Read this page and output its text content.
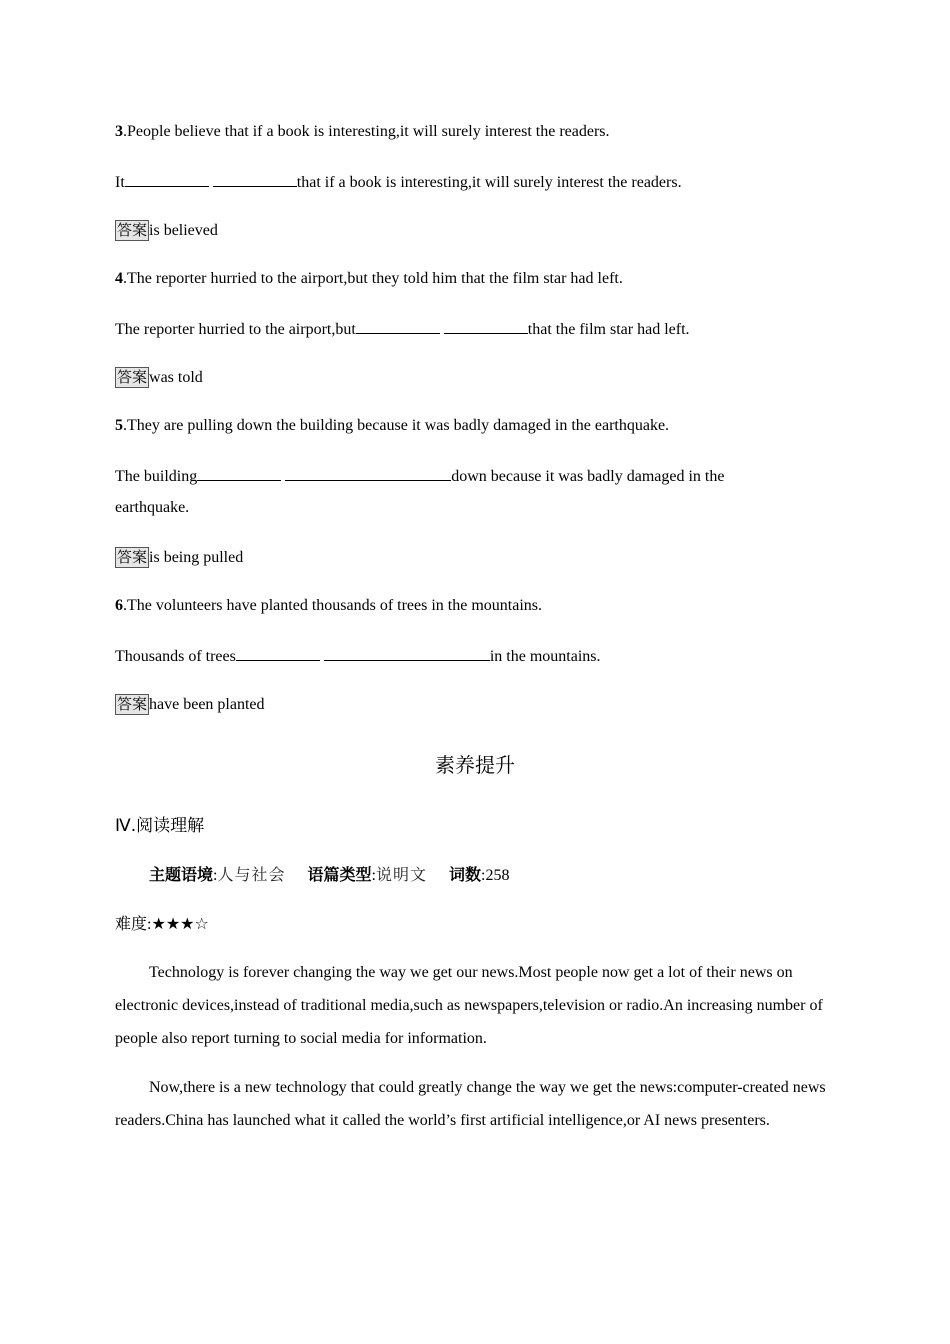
3.People believe that if a book is interesting,it will surely interest the readers.
It	that if a book is interesting,it will surely interest the readers.
答案 is believed
4.The reporter hurried to the airport,but they told him that the film star had left.
The reporter hurried to the airport,but	that the film star had left.
答案 was told
5.They are pulling down the building because it was badly damaged in the earthquake.
The building	down because it was badly damaged in the
earthquake.
答案 is being pulled
6.The volunteers have planted thousands of trees in the mountains.
Thousands of trees	in the mountains.
答案 have been planted
素养提升
Ⅳ.阅读理解
主题语境:人与社会 语篇类型:说明文 词数:258
难度:★★★☆
Technology is forever changing the way we get our news.Most people now get a lot of their news on electronic devices,instead of traditional media,such as newspapers,television or radio.An increasing number of people also report turning to social media for information.
Now,there is a new technology that could greatly change the way we get the news:computer-created news readers.China has launched what it called the world’s first artificial intelligence,or AI news presenters.
